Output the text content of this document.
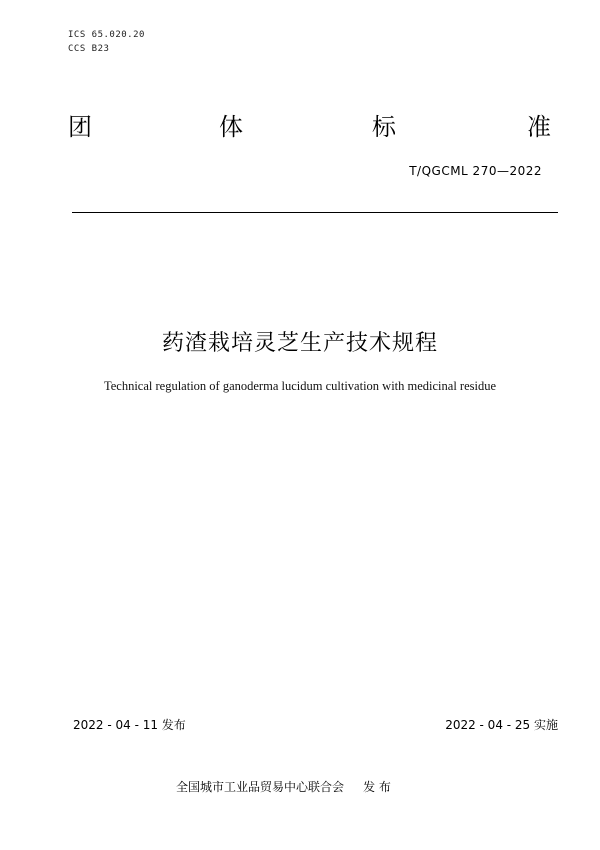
ICS 65.020.20
CCS B23
团	体	标	准
T/QGCML 270—2022
药渣栽培灵芝生产技术规程
Technical regulation of ganoderma lucidum cultivation with medicinal residue
2022 - 04 - 11 发布	2022 - 04 - 25 实施
全国城市工业品贸易中心联合会     发 布
